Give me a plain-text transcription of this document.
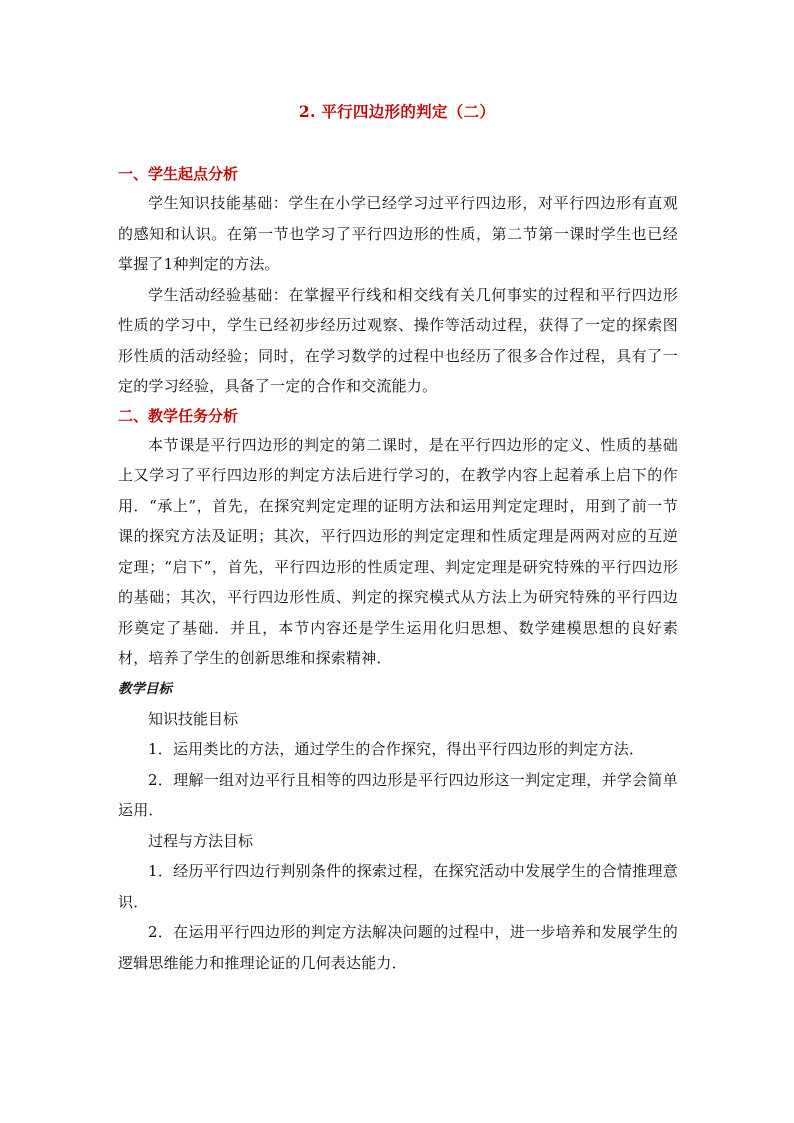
2. 平行四边形的判定（二）
一、学生起点分析

学生知识技能基础：学生在小学已经学习过平行四边形，对平行四边形有直观的感知和认识。在第一节也学习了平行四边形的性质，第二节第一课时学生也已经掌握了1种判定的方法。

学生活动经验基础：在掌握平行线和相交线有关几何事实的过程和平行四边形性质的学习中，学生已经初步经历过观察、操作等活动过程，获得了一定的探索图形性质的活动经验；同时，在学习数学的过程中也经历了很多合作过程，具有了一定的学习经验，具备了一定的合作和交流能力。

二、教学任务分析

本节课是平行四边形的判定的第二课时，是在平行四边形的定义、性质的基础上又学习了平行四边形的判定方法后进行学习的，在教学内容上起着承上启下的作用．“承上”，首先，在探究判定定理的证明方法和运用判定定理时，用到了前一节课的探究方法及证明；其次，平行四边形的判定定理和性质定理是两两对应的互逆定理；“启下”，首先，平行四边形的性质定理、判定定理是研究特殊的平行四边形的基础；其次，平行四边形性质、判定的探究模式从方法上为研究特殊的平行四边形奠定了基础．并且，本节内容还是学生运用化归思想、数学建模思想的良好素材，培养了学生的创新思维和探索精神．

教学目标

知识技能目标

1．运用类比的方法，通过学生的合作探究，得出平行四边形的判定方法．

2．理解一组对边平行且相等的四边形是平行四边形这一判定定理，并学会简单运用．

过程与方法目标

1．经历平行四边行判别条件的探索过程，在探究活动中发展学生的合情推理意识．

2．在运用平行四边形的判定方法解决问题的过程中，进一步培养和发展学生的逻辑思维能力和推理论证的几何表达能力．
